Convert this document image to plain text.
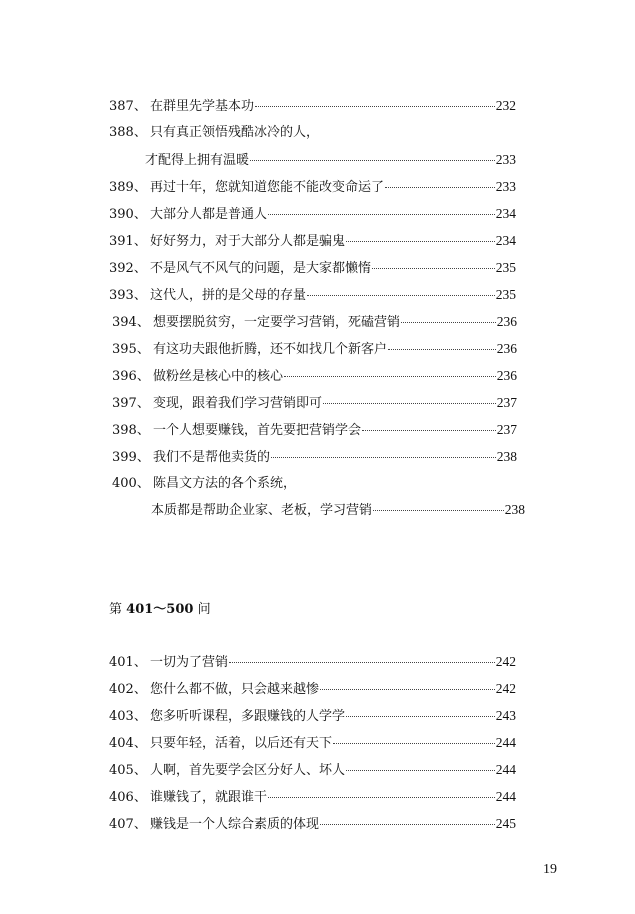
387、 在群里先学基本功	232
388、 只有真正领悟残酷冰冷的人，
才配得上拥有温暖	233
389、 再过十年，您就知道您能不能改变命运了	233
390、 大部分人都是普通人	234
391、 好好努力，对于大部分人都是骗鬼	234
392、 不是风气不风气的问题，是大家都懒惰	235
393、 这代人，拼的是父母的存量	235
394、 想要摆脱贫穷，一定要学习营销，死磕营销	236
395、 有这功夫跟他折腾，还不如找几个新客户	236
396、 做粉丝是核心中的核心	236
397、 变现，跟着我们学习营销即可	237
398、 一个人想要赚钱，首先要把营销学会	237
399、 我们不是帮他卖货的	238
400、 陈昌文方法的各个系统，
本质都是帮助企业家、老板，学习营销	238
第 401～500 问
401、 一切为了营销	242
402、 您什么都不做，只会越来越惨	242
403、 您多听听课程，多跟赚钱的人学学	243
404、 只要年轻，活着，以后还有天下	244
405、 人啊，首先要学会区分好人、坏人	244
406、 谁赚钱了，就跟谁干	244
407、 赚钱是一个人综合素质的体现	245
19
